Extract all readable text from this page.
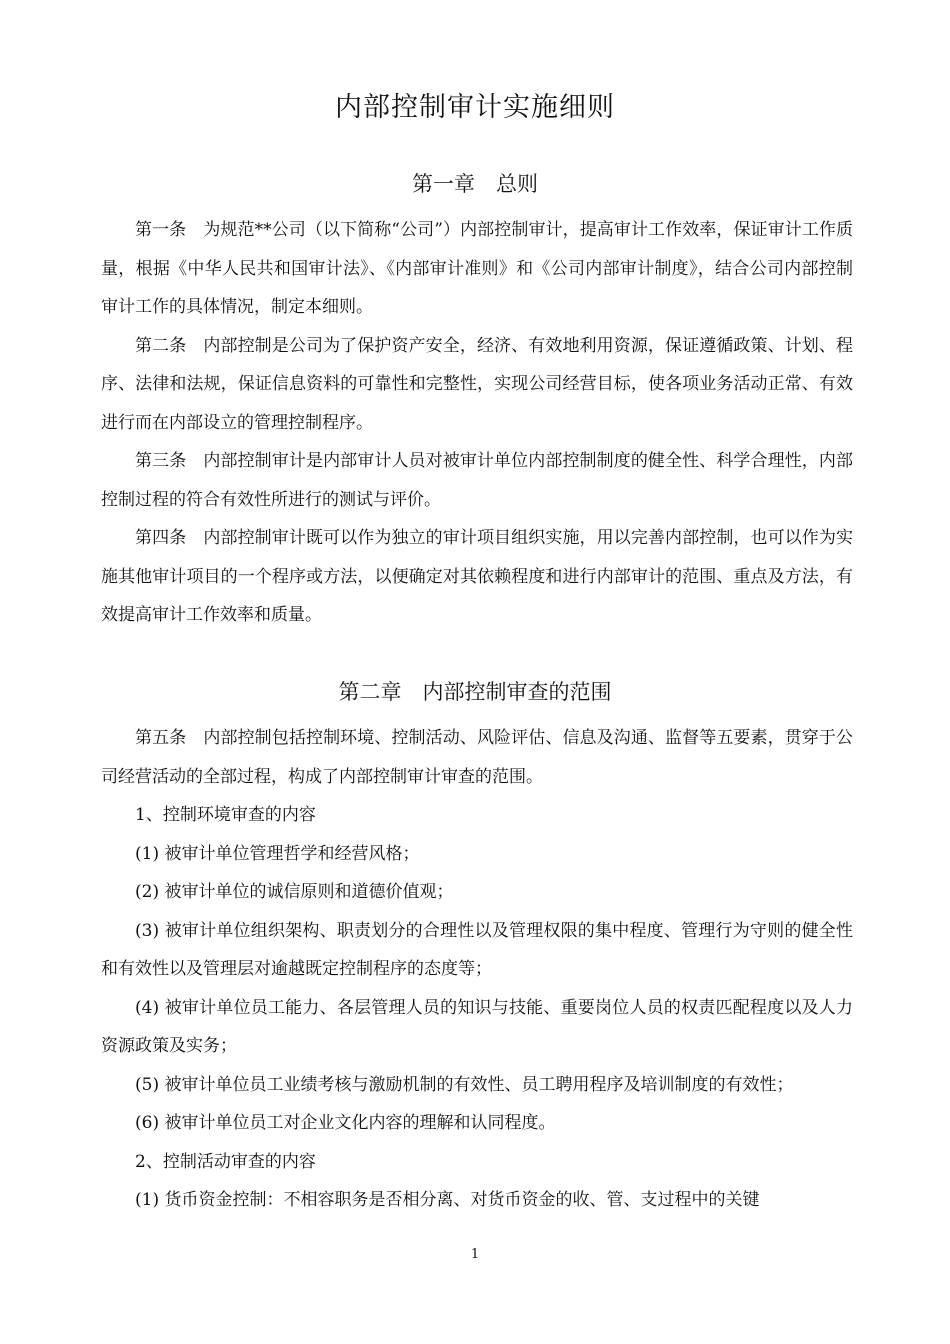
内部控制审计实施细则
第一章　总则

第一条　为规范**公司（以下简称“公司”）内部控制审计，提高审计工作效率，保证审计工作质量，根据《中华人民共和国审计法》、《内部审计准则》和《公司内部审计制度》，结合公司内部控制审计工作的具体情况，制定本细则。

第二条　内部控制是公司为了保护资产安全，经济、有效地利用资源，保证遵循政策、计划、程序、法律和法规，保证信息资料的可靠性和完整性，实现公司经营目标，使各项业务活动正常、有效进行而在内部设立的管理控制程序。

第三条　内部控制审计是内部审计人员对被审计单位内部控制制度的健全性、科学合理性，内部控制过程的符合有效性所进行的测试与评价。

第四条　内部控制审计既可以作为独立的审计项目组织实施，用以完善内部控制，也可以作为实施其他审计项目的一个程序或方法，以便确定对其依赖程度和进行内部审计的范围、重点及方法，有效提高审计工作效率和质量。

第二章　内部控制审查的范围

第五条　内部控制包括控制环境、控制活动、风险评估、信息及沟通、监督等五要素，贯穿于公司经营活动的全部过程，构成了内部控制审计审查的范围。

1、控制环境审查的内容

(1) 被审计单位管理哲学和经营风格；

(2) 被审计单位的诚信原则和道德价值观；

(3) 被审计单位组织架构、职责划分的合理性以及管理权限的集中程度、管理行为守则的健全性和有效性以及管理层对逾越既定控制程序的态度等；

(4) 被审计单位员工能力、各层管理人员的知识与技能、重要岗位人员的权责匹配程度以及人力资源政策及实务；

(5) 被审计单位员工业绩考核与激励机制的有效性、员工聘用程序及培训制度的有效性；

(6) 被审计单位员工对企业文化内容的理解和认同程度。

2、控制活动审查的内容

(1) 货币资金控制：不相容职务是否相分离、对货币资金的收、管、支过程中的关键

1
